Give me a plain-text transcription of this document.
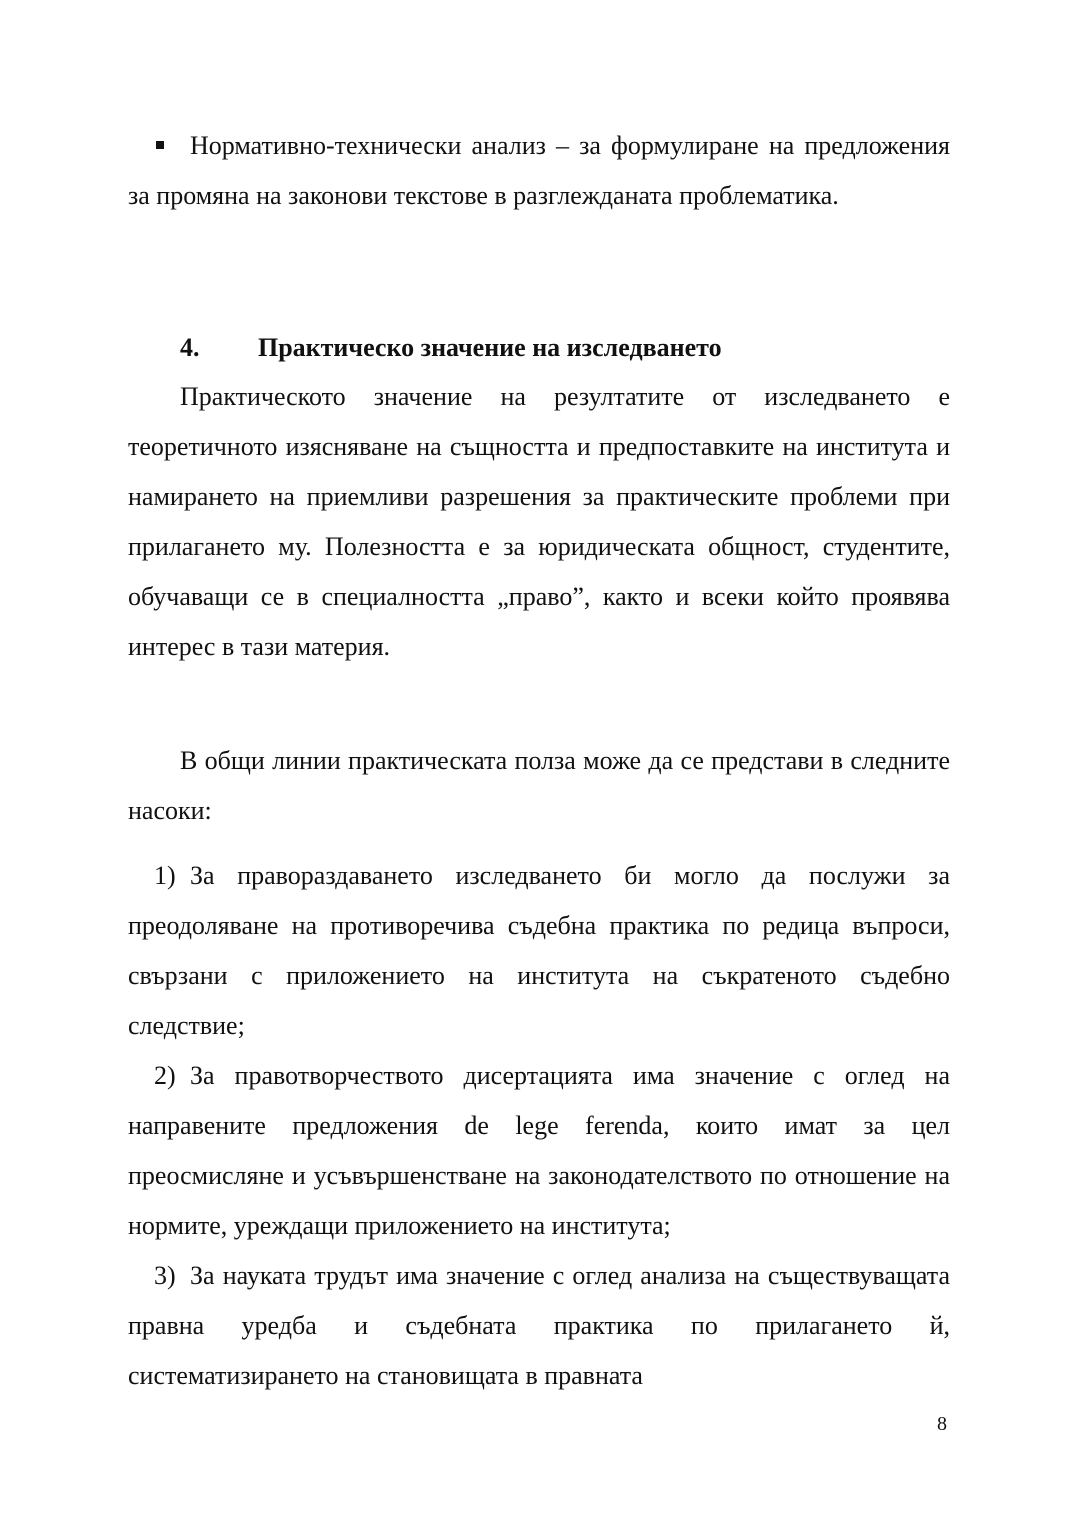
Нормативно-технически анализ – за формулиране на предложения за промяна на законови текстове в разглежданата проблематика.

4. Практическо значение на изследването

Практическото значение на резултатите от изследването е теоретичното изясняване на същността и предпоставките на института и намирането на приемливи разрешения за практическите проблеми при прилагането му. Полезността е за юридическата общност, студентите, обучаващи се в специалността „право”, както и всеки който проявява интерес в тази материя.

В общи линии практическата полза може да се представи в следните насоки:

1) За правораздаването изследването би могло да послужи за преодоляване на противоречива съдебна практика по редица въпроси, свързани с приложението на института на съкратеното съдебно следствие;

2) За правотворчеството дисертацията има значение с оглед на направените предложения de lege ferenda, които имат за цел преосмисляне и усъвършенстване на законодателството по отношение на нормите, уреждащи приложението на института;

3) За науката трудът има значение с оглед анализа на съществуващата правна уредба и съдебната практика по прилагането й, систематизирането на становищата в правната

8
